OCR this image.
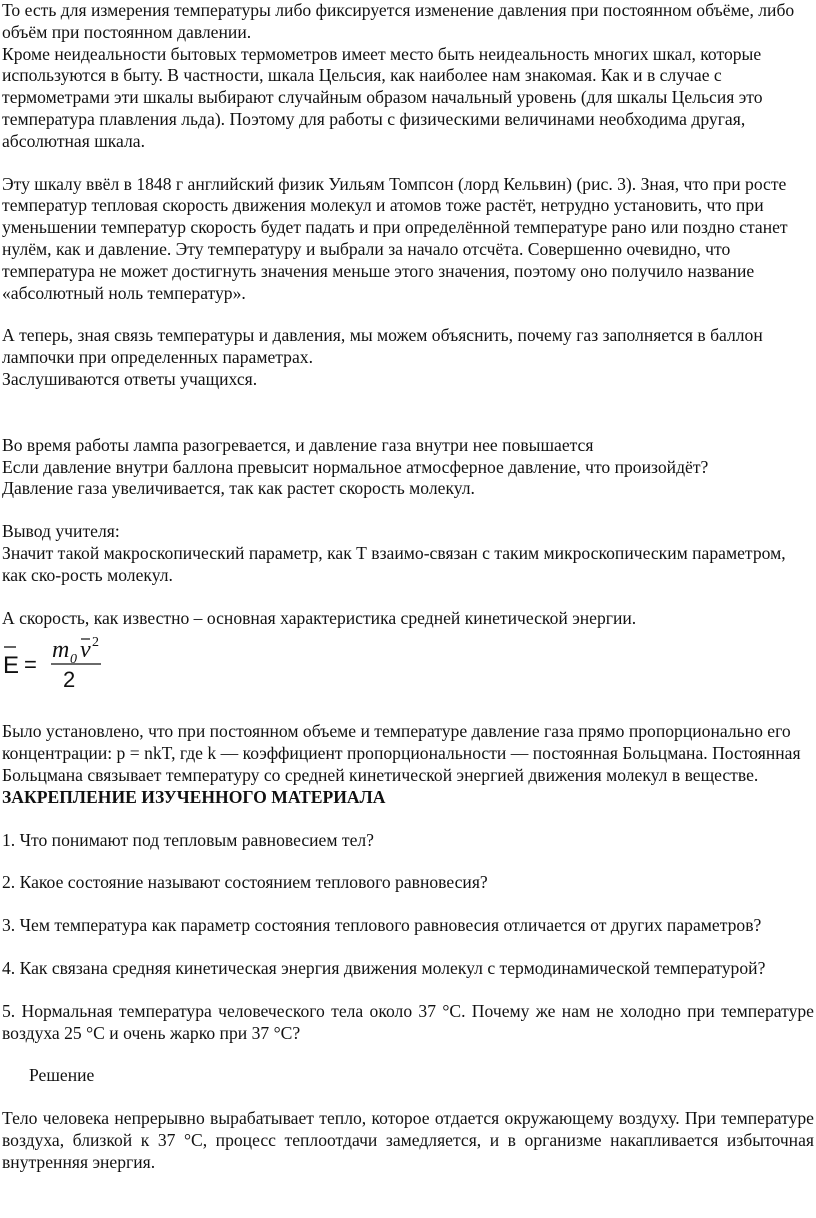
То есть для измерения температуры либо фиксируется изменение давления при постоянном объёме, либо объём при постоянном давлении.

Кроме неидеальности бытовых термометров имеет место быть неидеальность многих шкал, которые используются в быту. В частности, шкала Цельсия, как наиболее нам знакомая. Как и в случае с термометрами эти шкалы выбирают случайным образом начальный уровень (для шкалы Цельсия это температура плавления льда). Поэтому для работы с физическими величинами необходима другая, абсолютная шкала.

Эту шкалу ввёл в 1848 г английский физик Уильям Томпсон (лорд Кельвин) (рис. 3). Зная, что при росте температур тепловая скорость движения молекул и атомов тоже растёт, нетрудно установить, что при уменьшении температур скорость будет падать и при определённой температуре рано или поздно станет нулём, как и давление. Эту температуру и выбрали за начало отсчёта. Совершенно очевидно, что температура не может достигнуть значения меньше этого значения, поэтому оно получило название «абсолютный ноль температур».

А теперь, зная связь температуры и давления, мы можем объяснить, почему газ заполняется в баллон лампочки при определенных параметрах.

Заслушиваются ответы учащихся.

Во время работы лампа разогревается, и давление газа внутри нее повышается

Если давление внутри баллона превысит нормальное атмосферное давление, что произойдёт?

Давление газа увеличивается, так как растет скорость молекул.

Вывод учителя:

Значит такой макроскопический параметр, как Т взаимо-связан с таким микроскопическим параметром, как ско-рость молекул.

А скорость, как известно – основная характеристика средней кинетической энергии.

E =
m 0 v 2
2

Было установлено, что при постоянном объеме и температуре давление газа прямо пропорционально его концентрации: p = nkT, где k — коэффициент пропорциональности — постоянная Больцмана. Постоянная Больцмана связывает температуру со средней кинетической энергией движения молекул в веществе.

ЗАКРЕПЛЕНИЕ ИЗУЧЕННОГО МАТЕРИАЛА

1. Что понимают под тепловым равновесием тел?

2. Какое состояние называют состоянием теплового равновесия?

3. Чем температура как параметр состояния теплового равновесия отличается от других параметров?

4. Как связана средняя кинетическая энергия движения молекул с термодинамической температурой?

5. Нормальная температура человеческого тела около 37 °С. Почему же нам не холодно при температуре воздуха 25 °С и очень жарко при 37 °С?

Решение

Тело человека непрерывно вырабатывает тепло, которое отдается окружающему воздуху. При температуре воздуха, близкой к 37 °С, процесс теплоотдачи замедляется, и в организме накапливается избыточная внутренняя энергия.
